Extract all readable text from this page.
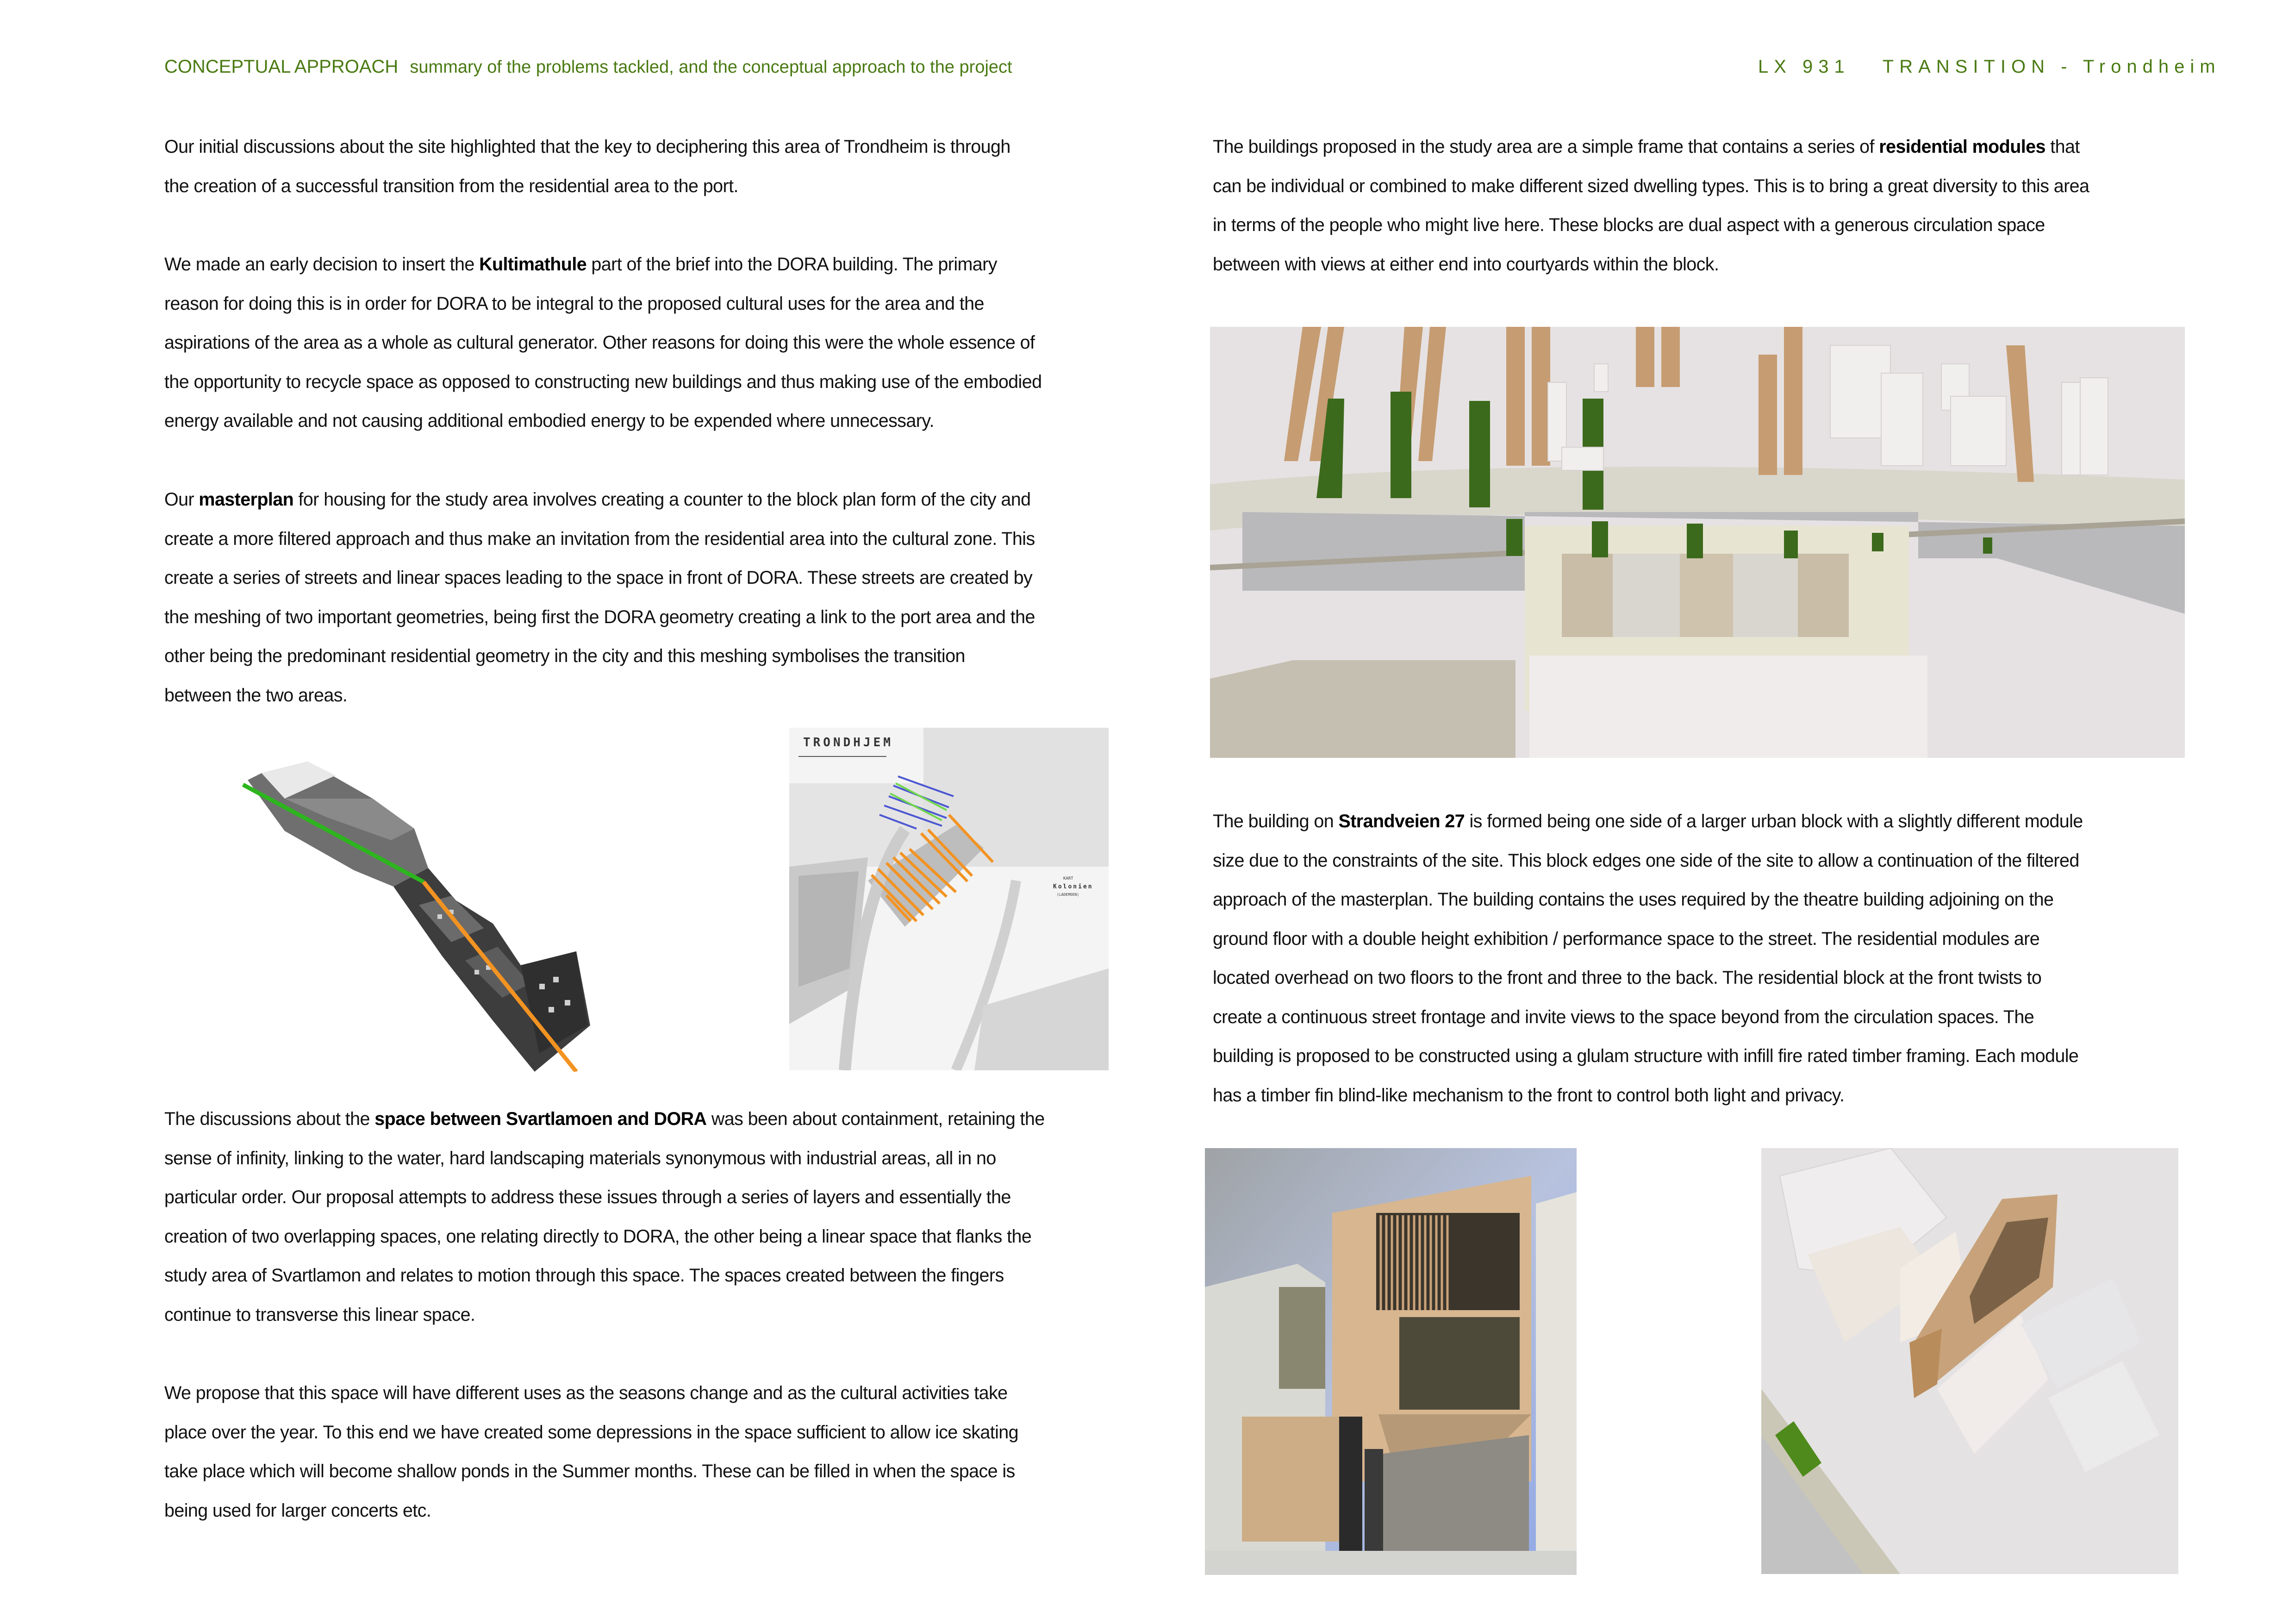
CONCEPTUAL APPROACH summary of the problems tackled, and the conceptual approach to the project	LX 931 TRANSITION - Trondheim
Our initial discussions about the site highlighted that the key to deciphering this area of Trondheim is through
the creation of a successful transition from the residential area to the port.
We made an early decision to insert the Kultimathule part of the brief into the DORA building. The primary
reason for doing this is in order for DORA to be integral to the proposed cultural uses for the area and the
aspirations of the area as a whole as cultural generator. Other reasons for doing this were the whole essence of
the opportunity to recycle space as opposed to constructing new buildings and thus making use of the embodied
energy available and not causing additional embodied energy to be expended where unnecessary.
Our masterplan for housing for the study area involves creating a counter to the block plan form of the city and
create a more filtered approach and thus make an invitation from the residential area into the cultural zone. This
create a series of streets and linear spaces leading to the space in front of DORA. These streets are created by
the meshing of two important geometries, being first the DORA geometry creating a link to the port area and the
other being the predominant residential geometry in the city and this meshing symbolises the transition
between the two areas.
TRONDHJEM
KART
Kolonien
(LADEMOEN)
The discussions about the space between Svartlamoen and DORA was been about containment, retaining the
sense of infinity, linking to the water, hard landscaping materials synonymous with industrial areas, all in no
particular order. Our proposal attempts to address these issues through a series of layers and essentially the
creation of two overlapping spaces, one relating directly to DORA, the other being a linear space that flanks the
study area of Svartlamon and relates to motion through this space. The spaces created between the fingers
continue to transverse this linear space.
We propose that this space will have different uses as the seasons change and as the cultural activities take
place over the year. To this end we have created some depressions in the space sufficient to allow ice skating
take place which will become shallow ponds in the Summer months. These can be filled in when the space is
being used for larger concerts etc.
The buildings proposed in the study area are a simple frame that contains a series of residential modules that
can be individual or combined to make different sized dwelling types. This is to bring a great diversity to this area
in terms of the people who might live here. These blocks are dual aspect with a generous circulation space
between with views at either end into courtyards within the block.
The building on Strandveien 27 is formed being one side of a larger urban block with a slightly different module
size due to the constraints of the site. This block edges one side of the site to allow a continuation of the filtered
approach of the masterplan. The building contains the uses required by the theatre building adjoining on the
ground floor with a double height exhibition / performance space to the street. The residential modules are
located overhead on two floors to the front and three to the back. The residential block at the front twists to
create a continuous street frontage and invite views to the space beyond from the circulation spaces. The
building is proposed to be constructed using a glulam structure with infill fire rated timber framing. Each module
has a timber fin blind-like mechanism to the front to control both light and privacy.
